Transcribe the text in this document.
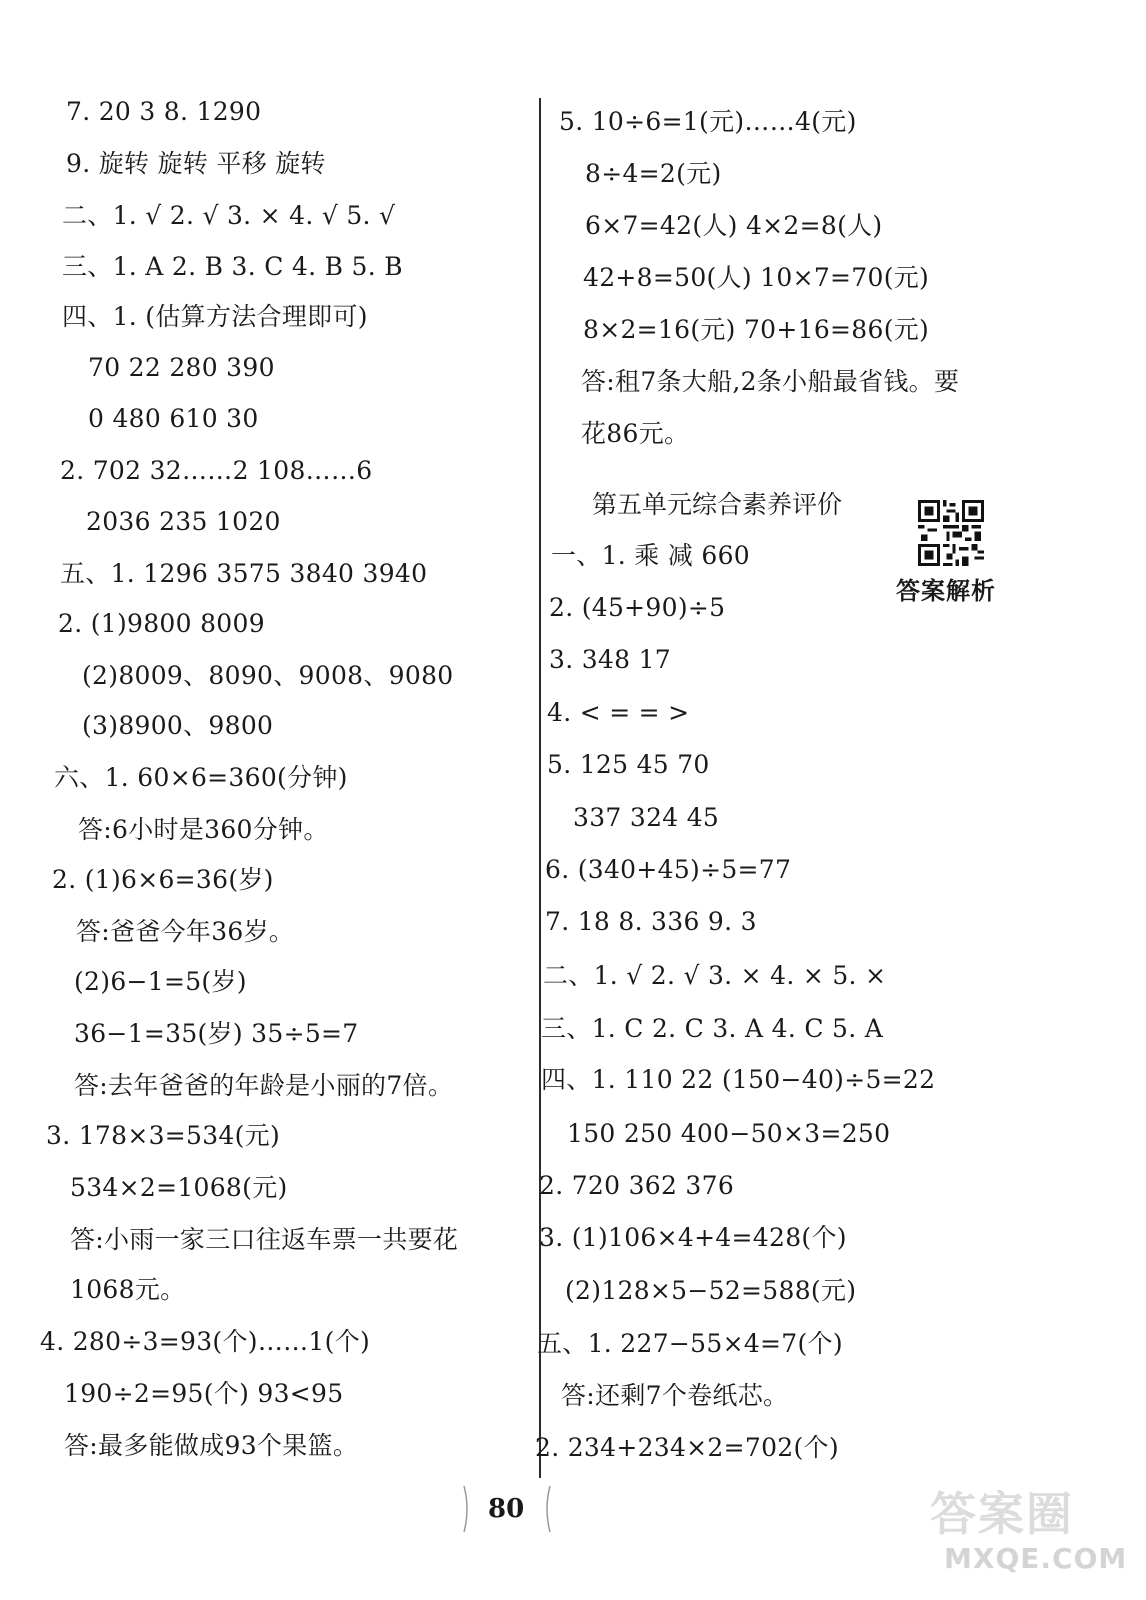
7. 20 3 8. 1290
9. 旋转 旋转 平移 旋转
二、1. √ 2. √ 3. × 4. √ 5. √
三、1. A 2. B 3. C 4. B 5. B
四、1. (估算方法合理即可)
70 22 280 390
0 480 610 30
2. 702 32……2 108……6
2036 235 1020
五、1. 1296 3575 3840 3940
2. (1)9800 8009
(2)8009、8090、9008、9080
(3)8900、9800
六、1. 60×6=360(分钟)
答:6小时是360分钟。
2. (1)6×6=36(岁)
答:爸爸今年36岁。
(2)6−1=5(岁)
36−1=35(岁) 35÷5=7
答:去年爸爸的年龄是小丽的7倍。
3. 178×3=534(元)
534×2=1068(元)
答:小雨一家三口往返车票一共要花
1068元。
4. 280÷3=93(个)……1(个)
190÷2=95(个) 93<95
答:最多能做成93个果篮。
5. 10÷6=1(元)……4(元)
8÷4=2(元)
6×7=42(人) 4×2=8(人)
42+8=50(人) 10×7=70(元)
8×2=16(元) 70+16=86(元)
答:租7条大船,2条小船最省钱。要
花86元。
一、1. 乘 减 660
2. (45+90)÷5
3. 348 17
4. < = = >
5. 125 45 70
337 324 45
6. (340+45)÷5=77
7. 18 8. 336 9. 3
二、1. √ 2. √ 3. × 4. × 5. ×
三、1. C 2. C 3. A 4. C 5. A
四、1. 110 22 (150−40)÷5=22
150 250 400−50×3=250
2. 720 362 376
3. (1)106×4+4=428(个)
(2)128×5−52=588(元)
五、1. 227−55×4=7(个)
答:还剩7个卷纸芯。
2. 234+234×2=702(个)
第五单元综合素养评价
答案解析
80	答案圈
MXQE.COM
